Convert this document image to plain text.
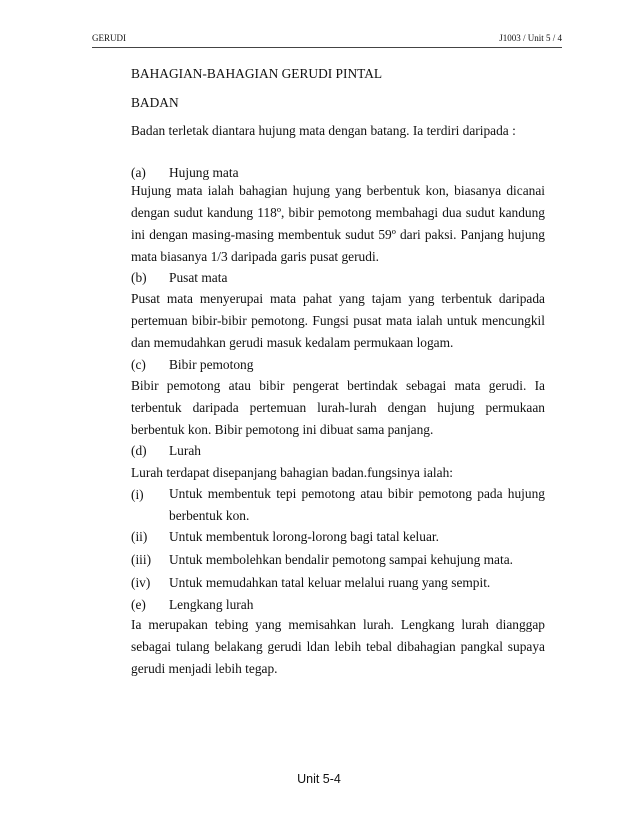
GERUDI	J1003 / Unit 5 / 4
BAHAGIAN-BAHAGIAN GERUDI PINTAL
BADAN
Badan terletak diantara hujung mata dengan batang. Ia terdiri daripada :
(a) Hujung mata
Hujung mata ialah bahagian hujung yang berbentuk kon, biasanya dicanai dengan sudut kandung 118º, bibir pemotong membahagi dua sudut kandung ini dengan masing-masing membentuk sudut 59º dari paksi. Panjang hujung mata biasanya 1/3 daripada garis pusat gerudi.
(b) Pusat mata
Pusat mata menyerupai mata pahat yang tajam yang terbentuk daripada pertemuan bibir-bibir pemotong. Fungsi pusat mata ialah untuk mencungkil dan memudahkan gerudi masuk kedalam permukaan logam.
(c) Bibir pemotong
Bibir pemotong atau bibir pengerat bertindak sebagai mata gerudi. Ia terbentuk daripada pertemuan lurah-lurah dengan hujung permukaan berbentuk kon. Bibir pemotong ini dibuat sama panjang.
(d) Lurah
Lurah terdapat disepanjang bahagian badan.fungsinya ialah:
(i) Untuk membentuk tepi pemotong atau bibir pemotong pada hujung berbentuk kon.
(ii) Untuk membentuk lorong-lorong bagi tatal keluar.
(iii) Untuk membolehkan bendalir pemotong sampai kehujung mata.
(iv) Untuk memudahkan tatal keluar melalui ruang yang sempit.
(e) Lengkang lurah
Ia merupakan tebing yang memisahkan lurah. Lengkang lurah dianggap sebagai tulang belakang gerudi ldan lebih tebal dibahagian pangkal supaya gerudi menjadi lebih tegap.
Unit 5-4
